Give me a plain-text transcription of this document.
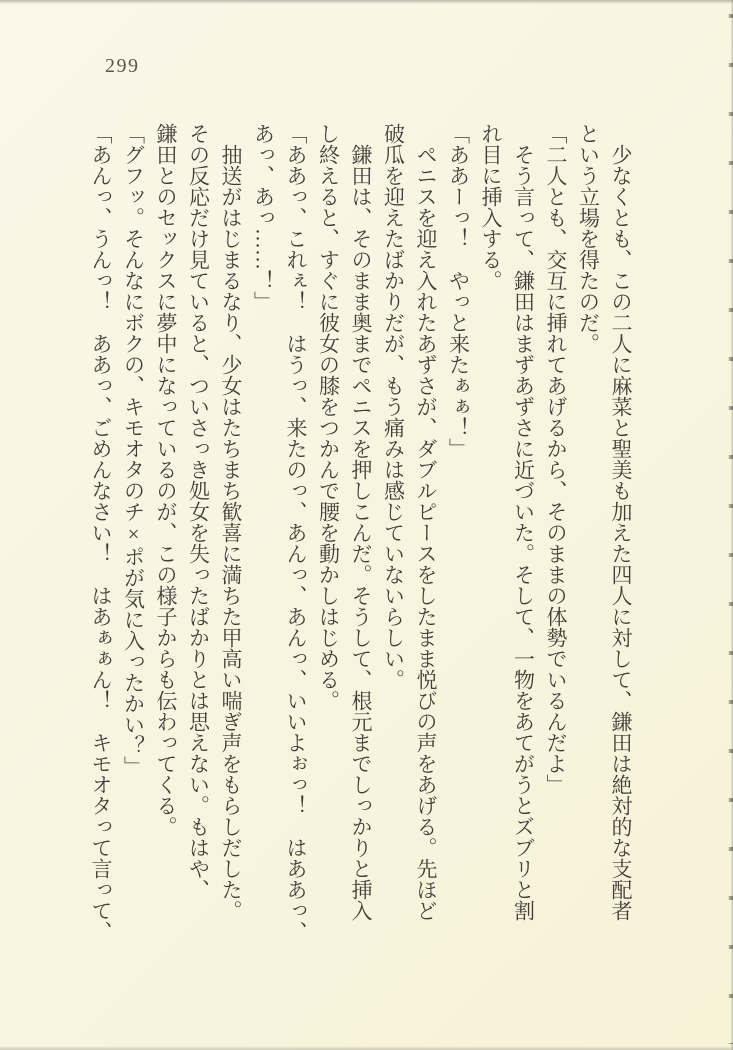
299

　少なくとも、この二人に麻菜と聖美も加えた四人に対して、鎌田は絶対的な支配者

という立場を得たのだ。

「二人とも、交互に挿れてあげるから、そのままの体勢でいるんだよ」

　そう言って、鎌田はまずあずさに近づいた。そして、一物をあてがうとズブリと割

れ目に挿入する。

「ああーっ！　やっと来たぁぁ！」

　ペニスを迎え入れたあずさが、ダブルピースをしたまま悦びの声をあげる。先ほど

破瓜を迎えたばかりだが、もう痛みは感じていないらしい。

　鎌田は、そのまま奥までペニスを押しこんだ。そうして、根元までしっかりと挿入

し終えると、すぐに彼女の膝をつかんで腰を動かしはじめる。

「ああっ、これぇ！　はうっ、来たのっ、あんっ、あんっ、いいよぉっ！　はああっ、

あっ、あっ……！」

　抽送がはじまるなり、少女はたちまち歓喜に満ちた甲高い喘ぎ声をもらしだした。

その反応だけ見ていると、ついさっき処女を失ったばかりとは思えない。もはや、

鎌田とのセックスに夢中になっているのが、この様子からも伝わってくる。

「グフッ。そんなにボクの、キモオタのチ×ポが気に入ったかい？」

「あんっ、うんっ！　ああっ、ごめんなさい！　はあぁぁん！　キモオタって言って、
